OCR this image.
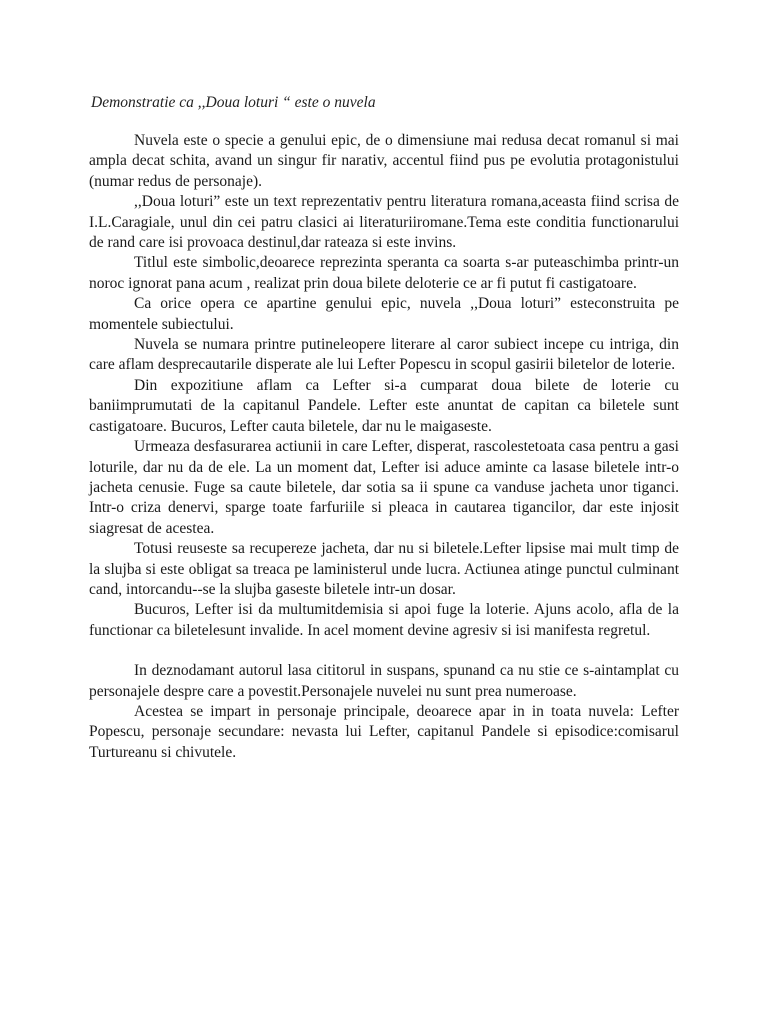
Demonstratie ca ,,Doua loturi “ este o nuvela

Nuvela este o specie a genului epic, de o dimensiune mai redusa decat romanul si mai ampla decat schita, avand un singur fir narativ, accentul fiind pus pe evolutia protagonistului (numar redus de personaje).

,,Doua loturi” este un text reprezentativ pentru literatura romana,aceasta fiind scrisa de I.L.Caragiale, unul din cei patru clasici ai literaturiiromane.Tema este conditia functionarului de rand care isi provoaca destinul,dar rateaza si este invins.

Titlul este simbolic,deoarece reprezinta speranta ca soarta s-ar puteaschimba printr-un noroc ignorat pana acum , realizat prin doua bilete deloterie ce ar fi putut fi castigatoare.

Ca orice opera ce apartine genului epic, nuvela ,,Doua loturi” esteconstruita pe momentele subiectului.

Nuvela se numara printre putineleopere literare al caror subiect incepe cu intriga, din care aflam desprecautarile disperate ale lui Lefter Popescu in scopul gasirii biletelor de loterie.

Din expozitiune aflam ca Lefter si-a cumparat doua bilete de loterie cu baniimprumutati de la capitanul Pandele. Lefter este anuntat de capitan ca biletele sunt castigatoare. Bucuros, Lefter cauta biletele, dar nu le maigaseste.

Urmeaza desfasurarea actiunii in care Lefter, disperat, rascolestetoata casa pentru a gasi loturile, dar nu da de ele. La un moment dat, Lefter isi aduce aminte ca lasase biletele intr-o jacheta cenusie. Fuge sa caute biletele, dar sotia sa ii spune ca vanduse jacheta unor tiganci. Intr-o criza denervi, sparge toate farfuriile si pleaca in cautarea tigancilor, dar este injosit siagresat de acestea.

Totusi reuseste sa recupereze jacheta, dar nu si biletele.Lefter lipsise mai mult timp de la slujba si este obligat sa treaca pe laministerul unde lucra. Actiunea atinge punctul culminant cand, intorcandu--se la slujba gaseste biletele intr-un dosar.

Bucuros, Lefter isi da multumitdemisia si apoi fuge la loterie. Ajuns acolo, afla de la functionar ca biletelesunt invalide. In acel moment devine agresiv si isi manifesta regretul.

In deznodamant autorul lasa cititorul in suspans, spunand ca nu stie ce s-aintamplat cu personajele despre care a povestit.Personajele nuvelei nu sunt prea numeroase.

Acestea se impart in personaje principale, deoarece apar in in toata nuvela: Lefter Popescu, personaje secundare: nevasta lui Lefter, capitanul Pandele si episodice:comisarul Turtureanu si chivutele.
